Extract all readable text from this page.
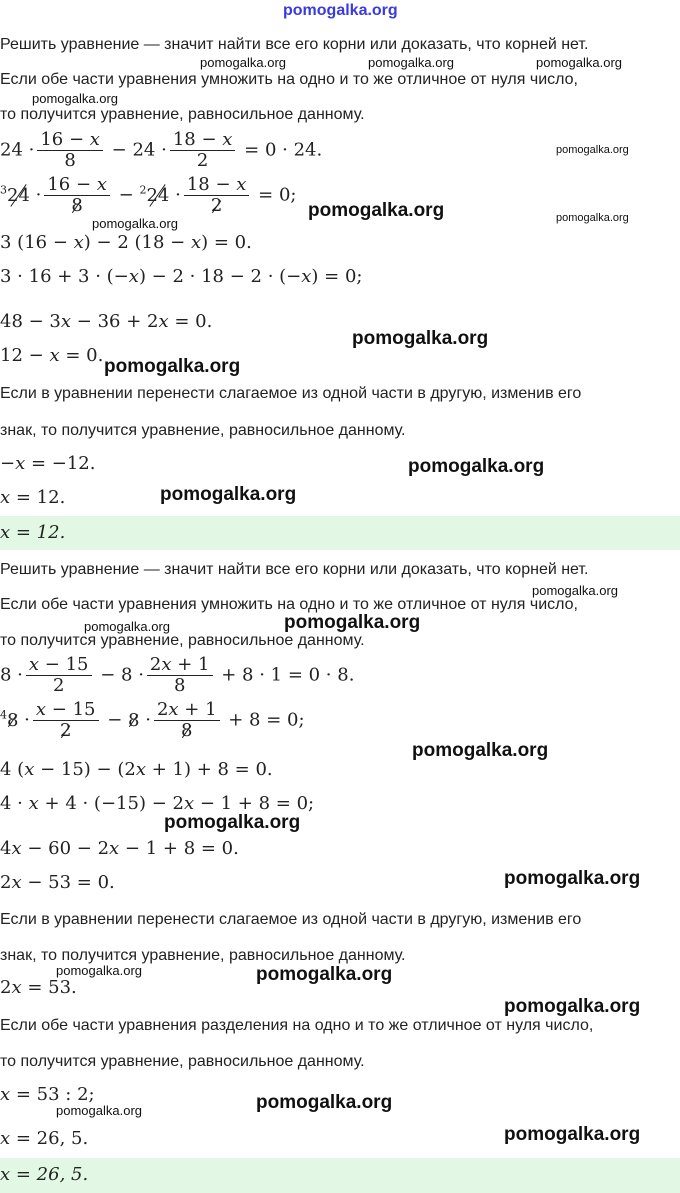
pomogalka.org
Решить уравнение — значит найти все его корни или доказать, что корней нет.
Если обе части уравнения умножить на одно и то же отличное от нуля число,
то получится уравнение, равносильное данному.
$24 \cdot \frac{16 - x}{8} - 24 \cdot \frac{18 - x}{2} = 0 \cdot 24$.
$^324 \cdot \frac{16 - x}{8} - ^224 \cdot \frac{18 - x}{2} = 0$;
3 (16 − x) − 2 (18 − x) = 0.
3 · 16 + 3 · (−x) − 2 · 18 − 2 · (−x) = 0;
48 − 3x − 36 + 2x = 0.
12 − x = 0.
Если в уравнении перенести слагаемое из одной части в другую, изменив его
знак, то получится уравнение, равносильное данному.
−x = −12.
x = 12.
x = 12.
Решить уравнение — значит найти все его корни или доказать, что корней нет.
Если обе части уравнения умножить на одно и то же отличное от нуля число,
то получится уравнение, равносильное данному.
$8 \cdot \frac{x - 15}{2} - 8 \cdot \frac{2x + 1}{8} + 8 \cdot 1 = 0 \cdot 8$.
$^48 \cdot \frac{x - 15}{2} - 8 \cdot \frac{2x + 1}{8} + 8 = 0$;
4 (x − 15) − (2x + 1) + 8 = 0.
4 · x + 4 · (−15) − 2x − 1 + 8 = 0;
4x − 60 − 2x − 1 + 8 = 0.
2x − 53 = 0.
Если в уравнении перенести слагаемое из одной части в другую, изменив его
знак, то получится уравнение, равносильное данному.
2x = 53.
Если обе части уравнения разделения на одно и то же отличное от нуля число,
то получится уравнение, равносильное данному.
x = 53 : 2;
x = 26, 5.
x = 26, 5.
pomogalka.org	pomogalka.org	pomogalka.org
pomogalka.org
pomogalka.org
pomogalka.org
pomogalka.org	pomogalka.org
pomogalka.org
pomogalka.org
pomogalka.org
pomogalka.org
pomogalka.org
pomogalka.org	pomogalka.org
pomogalka.org
pomogalka.org
pomogalka.org
pomogalka.org	pomogalka.org
pomogalka.org
pomogalka.org
pomogalka.org
pomogalka.org
